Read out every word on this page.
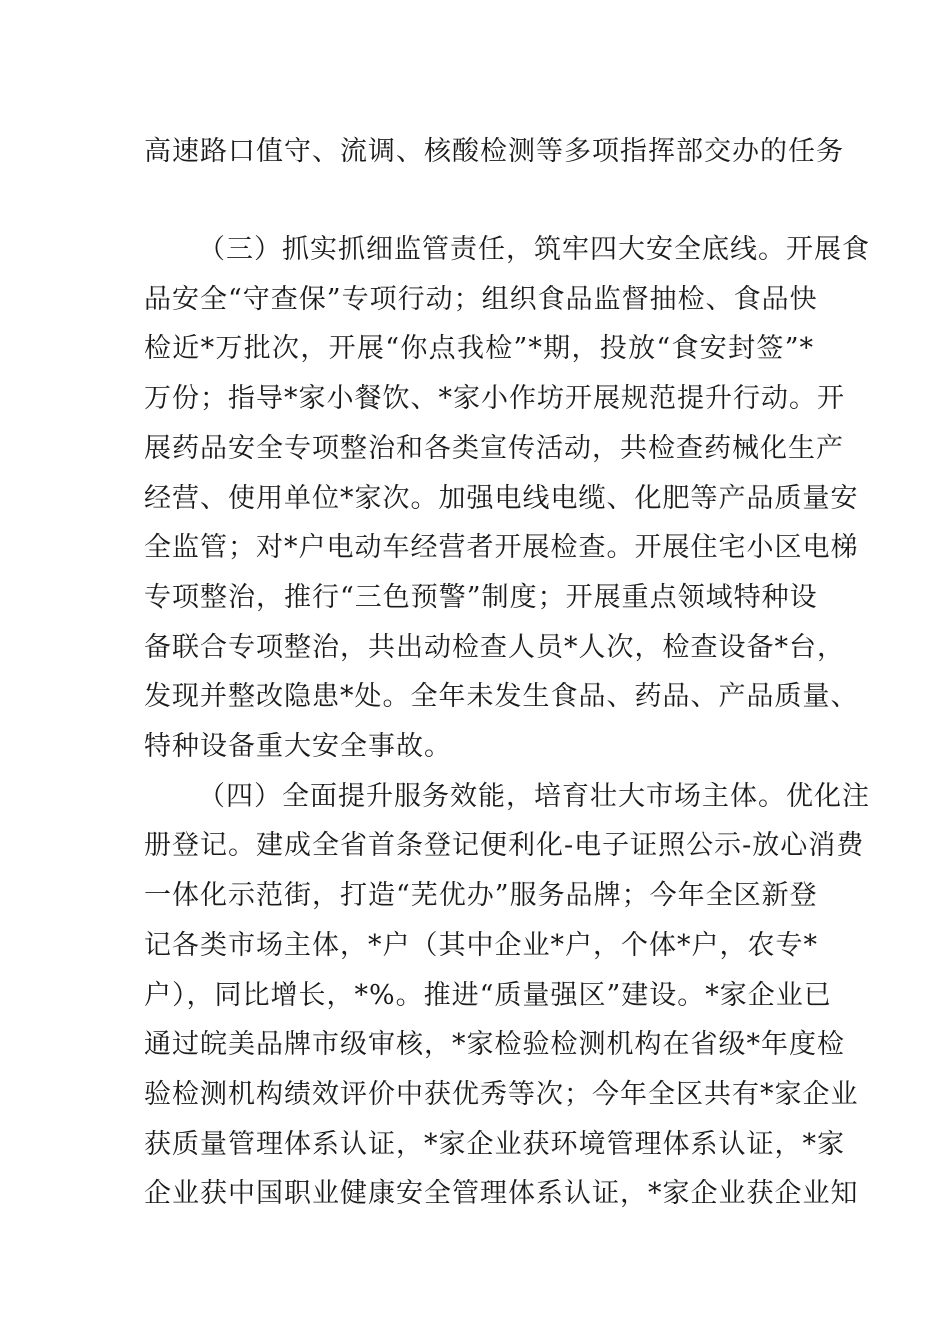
高速路口值守、流调、核酸检测等多项指挥部交办的任务
（三）抓实抓细监管责任，筑牢四大安全底线。开展食
品安全“守查保”专项行动；组织食品监督抽检、食品快
检近*万批次，开展“你点我检”*期，投放“食安封签”*
万份；指导*家小餐饮、*家小作坊开展规范提升行动。开
展药品安全专项整治和各类宣传活动，共检查药械化生产
经营、使用单位*家次。加强电线电缆、化肥等产品质量安
全监管；对*户电动车经营者开展检查。开展住宅小区电梯
专项整治，推行“三色预警”制度；开展重点领域特种设
备联合专项整治，共出动检查人员*人次，检查设备*台，
发现并整改隐患*处。全年未发生食品、药品、产品质量、
特种设备重大安全事故。
（四）全面提升服务效能，培育壮大市场主体。优化注
册登记。建成全省首条登记便利化-电子证照公示-放心消费
一体化示范街，打造“芜优办”服务品牌；今年全区新登
记各类市场主体，*户（其中企业*户，个体*户，农专*
户），同比增长，*%。推进“质量强区”建设。*家企业已
通过皖美品牌市级审核，*家检验检测机构在省级*年度检
验检测机构绩效评价中获优秀等次；今年全区共有*家企业
获质量管理体系认证，*家企业获环境管理体系认证，*家
企业获中国职业健康安全管理体系认证，*家企业获企业知
